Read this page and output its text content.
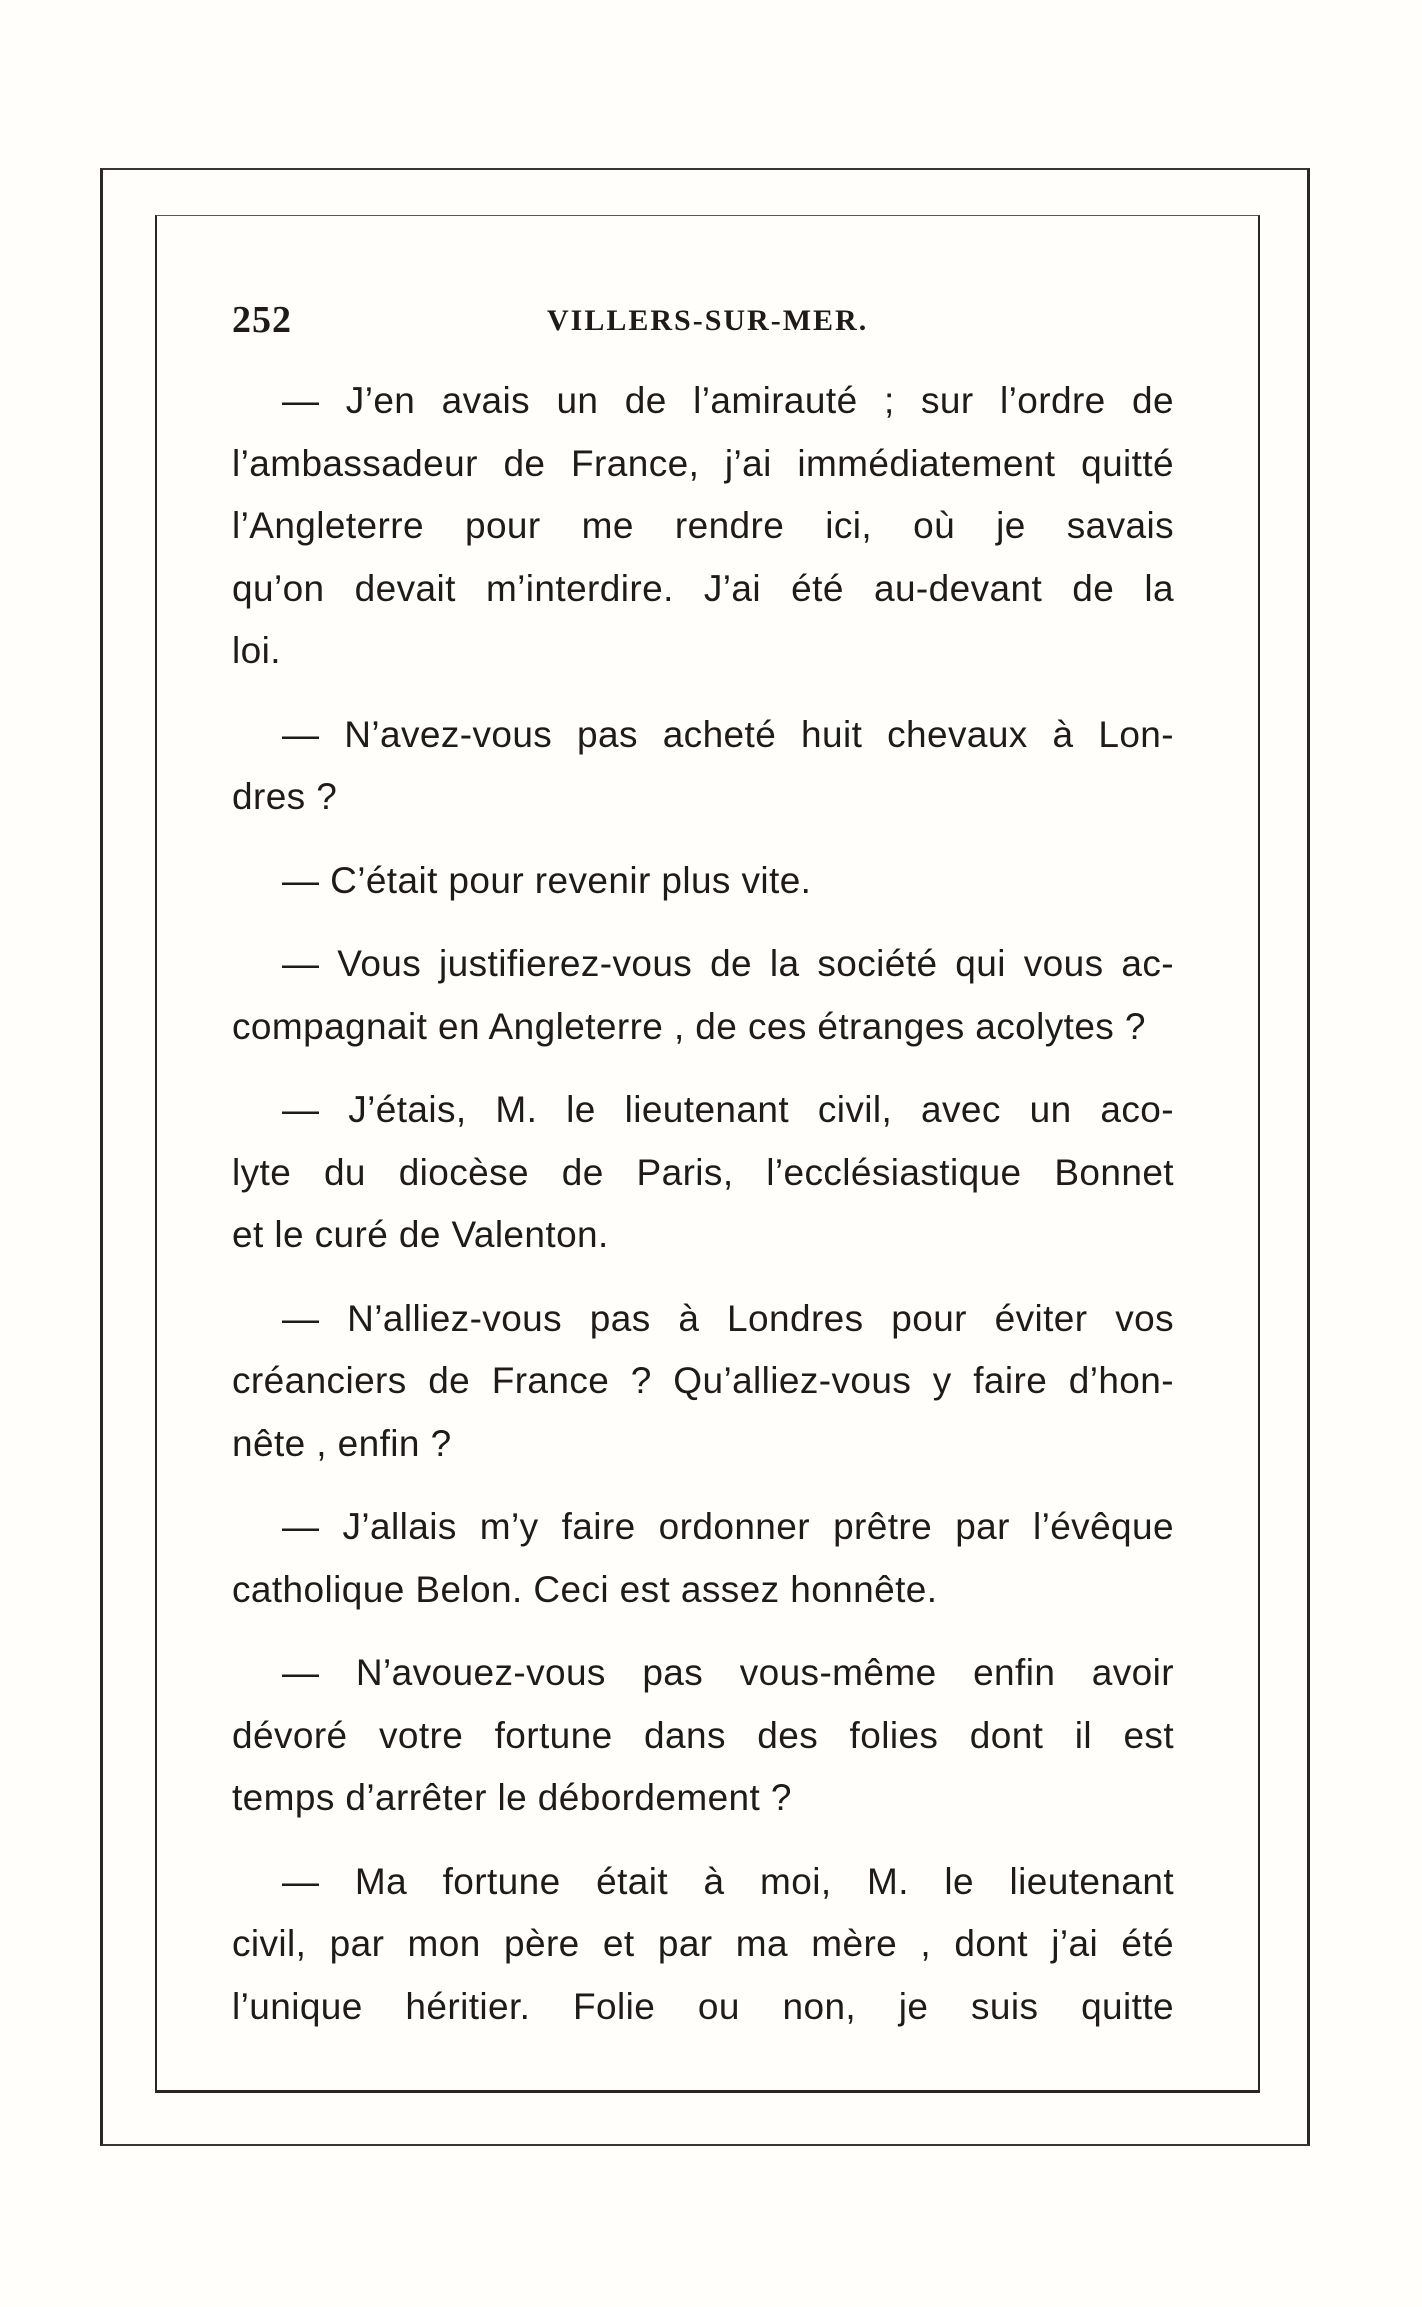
252	VILLERS-SUR-MER.
— J’en avais un de l’amirauté ; sur l’ordre de
l’ambassadeur de France, j’ai immédiatement quitté
l’Angleterre pour me rendre ici, où je savais
qu’on devait m’interdire. J’ai été au-devant de la
loi.
— N’avez-vous pas acheté huit chevaux à Lon-
dres ?
— C’était pour revenir plus vite.
— Vous justifierez-vous de la société qui vous ac-
compagnait en Angleterre , de ces étranges acolytes ?
— J’étais, M. le lieutenant civil, avec un aco-
lyte du diocèse de Paris, l’ecclésiastique Bonnet
et le curé de Valenton.
— N’alliez-vous pas à Londres pour éviter vos
créanciers de France ? Qu’alliez-vous y faire d’hon-
nête , enfin ?
— J’allais m’y faire ordonner prêtre par l’évêque
catholique Belon. Ceci est assez honnête.
— N’avouez-vous pas vous-même enfin avoir
dévoré votre fortune dans des folies dont il est
temps d’arrêter le débordement ?
— Ma fortune était à moi, M. le lieutenant
civil, par mon père et par ma mère , dont j’ai été
l’unique héritier. Folie ou non, je suis quitte
